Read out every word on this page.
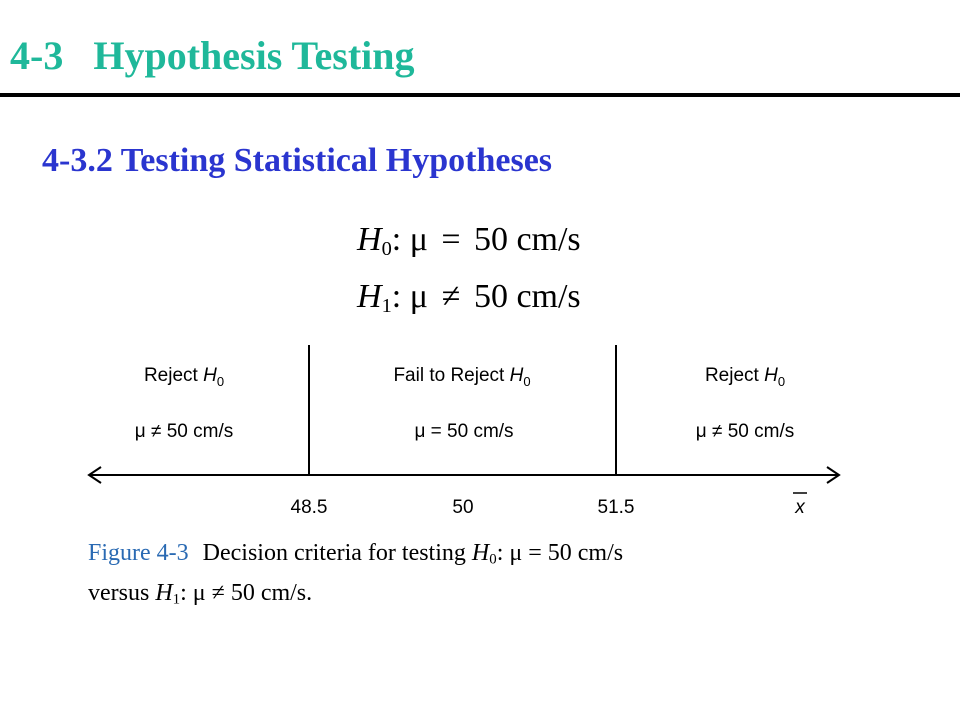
4-3 Hypothesis Testing
4-3.2 Testing Statistical Hypotheses
$H_0$: μ = 50 cm/s
$H_1$: μ ≠ 50 cm/s
Reject $H_0$
μ ≠ 50 cm/s
Fail to Reject $H_0$
μ = 50 cm/s
Reject $H_0$
μ ≠ 50 cm/s
48.5	50	51.5	x
Figure 4-3 Decision criteria for testing $H_0$: μ = 50 cm/s
versus $H_1$: μ ≠ 50 cm/s.
